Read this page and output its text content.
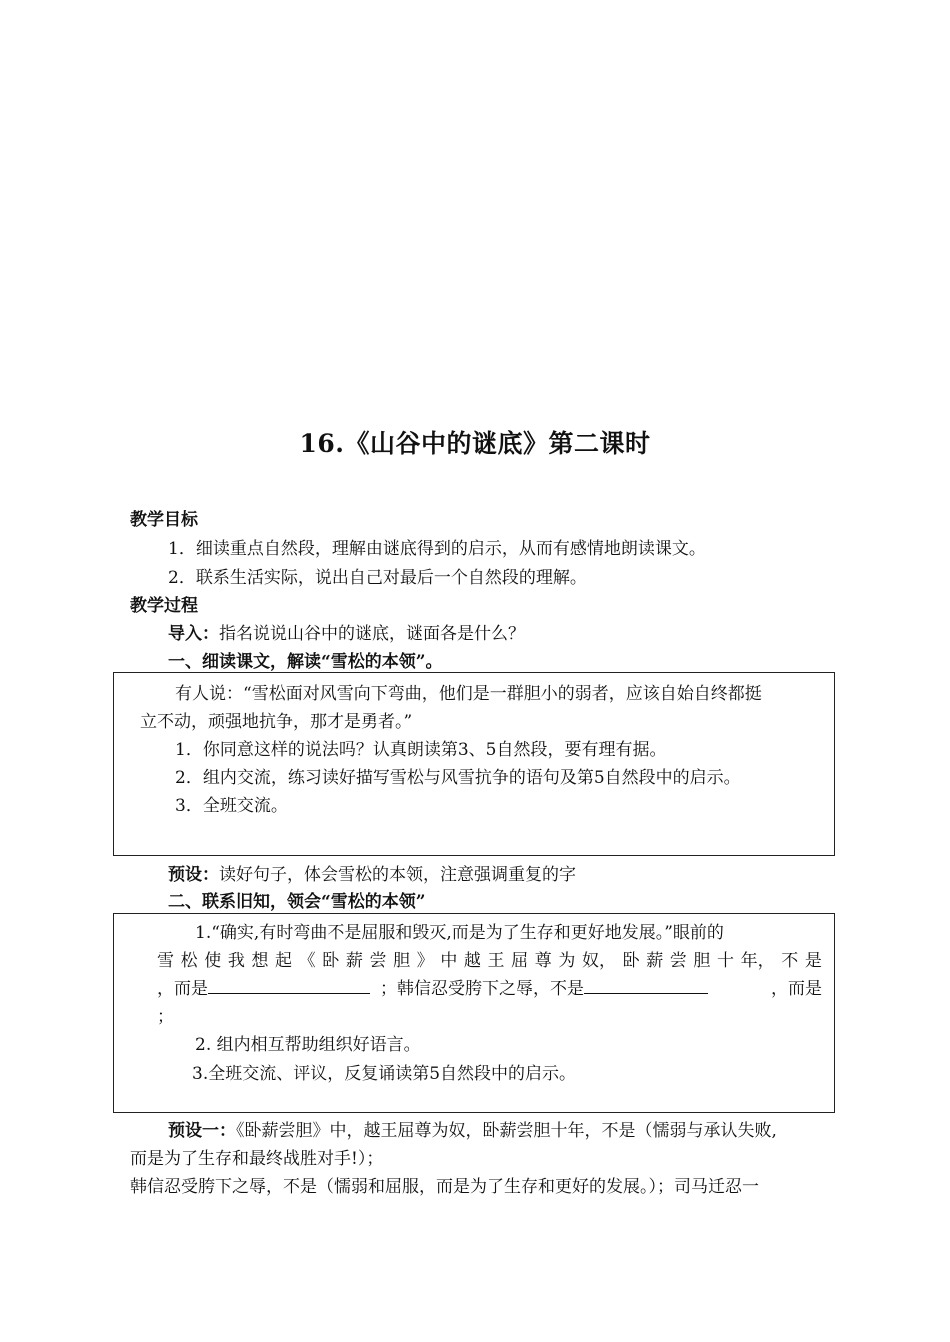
16.《山谷中的谜底》第二课时
教学目标
1．细读重点自然段，理解由谜底得到的启示，从而有感情地朗读课文。
2．联系生活实际，说出自己对最后一个自然段的理解。
教学过程
导入：指名说说山谷中的谜底，谜面各是什么？
一、细读课文，解读“雪松的本领”。
有人说：“雪松面对风雪向下弯曲，他们是一群胆小的弱者，应该自始自终都挺
立不动，顽强地抗争，那才是勇者。”
1．你同意这样的说法吗？认真朗读第3、5自然段，要有理有据。
2．组内交流，练习读好描写雪松与风雪抗争的语句及第5自然段中的启示。
3．全班交流。
预设：读好句子，体会雪松的本领，注意强调重复的字
二、联系旧知，领会“雪松的本领”
1.“确实,有时弯曲不是屈服和毁灭,而是为了生存和更好地发展。”眼前的
雪 松 使 我 想 起 《 卧 薪 尝 胆 》 中 越 王 屈 尊 为 奴， 卧 薪 尝 胆 十 年， 不 是
，而是	；韩信忍受胯下之辱，不是	，而是
；
2. 组内相互帮助组织好语言。
3.全班交流、评议，反复诵读第5自然段中的启示。
预设一：《卧薪尝胆》中，越王屈尊为奴，卧薪尝胆十年，不是（懦弱与承认失败,
而是为了生存和最终战胜对手!）；
韩信忍受胯下之辱，不是（懦弱和屈服，而是为了生存和更好的发展。）；司马迁忍一
